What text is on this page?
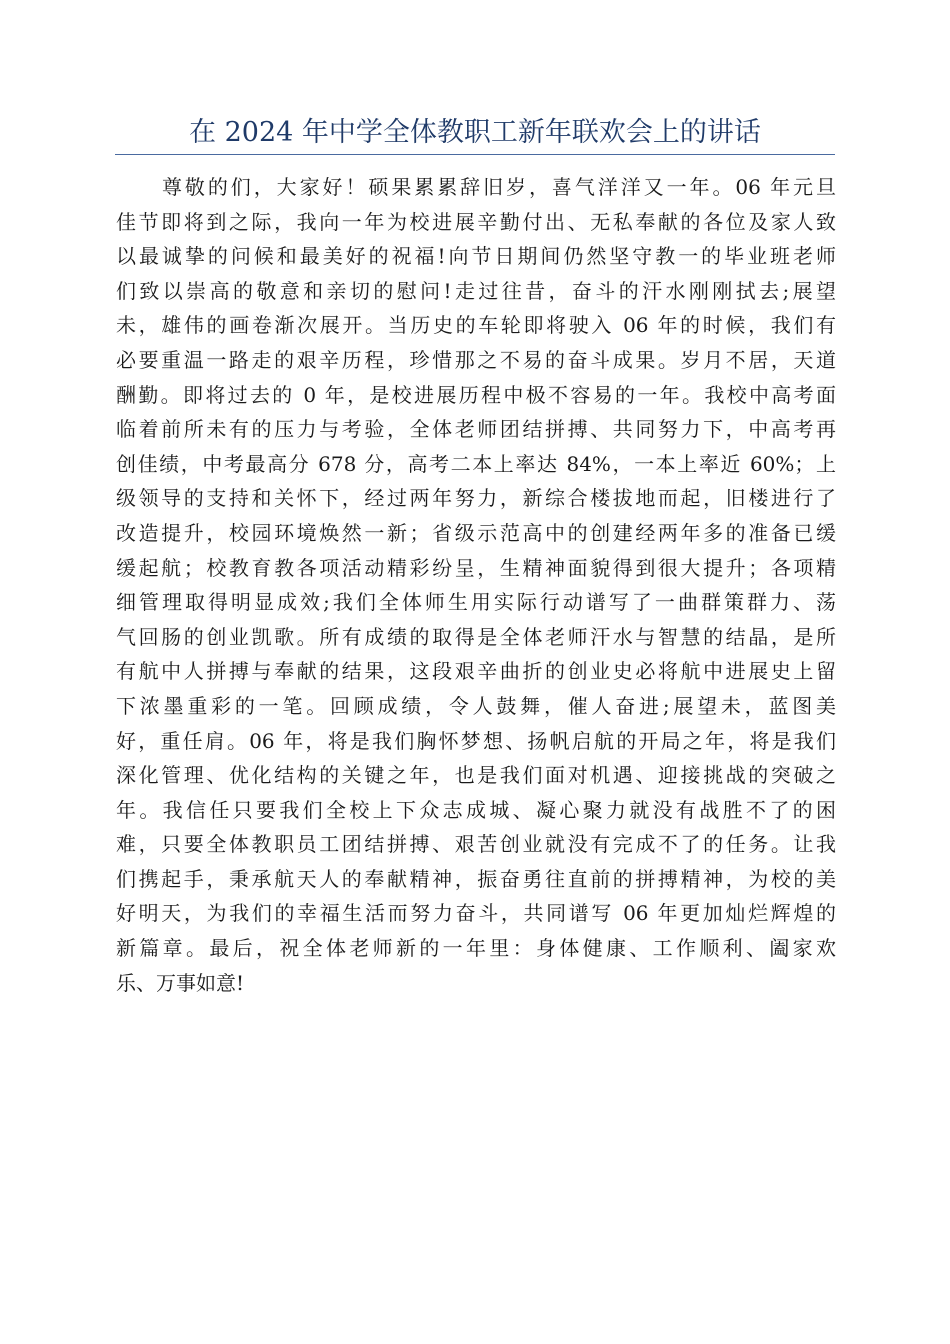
在 2024 年中学全体教职工新年联欢会上的讲话
尊敬的们，大家好！硕果累累辞旧岁，喜气洋洋又一年。06 年元旦
佳节即将到之际，我向一年为校进展辛勤付出、无私奉献的各位及家人致
以最诚挚的问候和最美好的祝福!向节日期间仍然坚守教一的毕业班老师
们致以崇高的敬意和亲切的慰问!走过往昔，奋斗的汗水刚刚拭去;展望
未，雄伟的画卷渐次展开。当历史的车轮即将驶入 06 年的时候，我们有
必要重温一路走的艰辛历程，珍惜那之不易的奋斗成果。岁月不居，天道
酬勤。即将过去的 0 年，是校进展历程中极不容易的一年。我校中高考面
临着前所未有的压力与考验，全体老师团结拼搏、共同努力下，中高考再
创佳绩，中考最高分 678 分，高考二本上率达 84%，一本上率近 60%；上
级领导的支持和关怀下，经过两年努力，新综合楼拔地而起，旧楼进行了
改造提升，校园环境焕然一新；省级示范高中的创建经两年多的准备已缓
缓起航；校教育教各项活动精彩纷呈，生精神面貌得到很大提升；各项精
细管理取得明显成效;我们全体师生用实际行动谱写了一曲群策群力、荡
气回肠的创业凯歌。所有成绩的取得是全体老师汗水与智慧的结晶，是所
有航中人拼搏与奉献的结果，这段艰辛曲折的创业史必将航中进展史上留
下浓墨重彩的一笔。回顾成绩，令人鼓舞，催人奋进;展望未，蓝图美
好，重任肩。06 年，将是我们胸怀梦想、扬帆启航的开局之年，将是我们
深化管理、优化结构的关键之年，也是我们面对机遇、迎接挑战的突破之
年。我信任只要我们全校上下众志成城、凝心聚力就没有战胜不了的困
难，只要全体教职员工团结拼搏、艰苦创业就没有完成不了的任务。让我
们携起手，秉承航天人的奉献精神，振奋勇往直前的拼搏精神，为校的美
好明天，为我们的幸福生活而努力奋斗，共同谱写 06 年更加灿烂辉煌的
新篇章。最后，祝全体老师新的一年里：身体健康、工作顺利、阖家欢
乐、万事如意!
